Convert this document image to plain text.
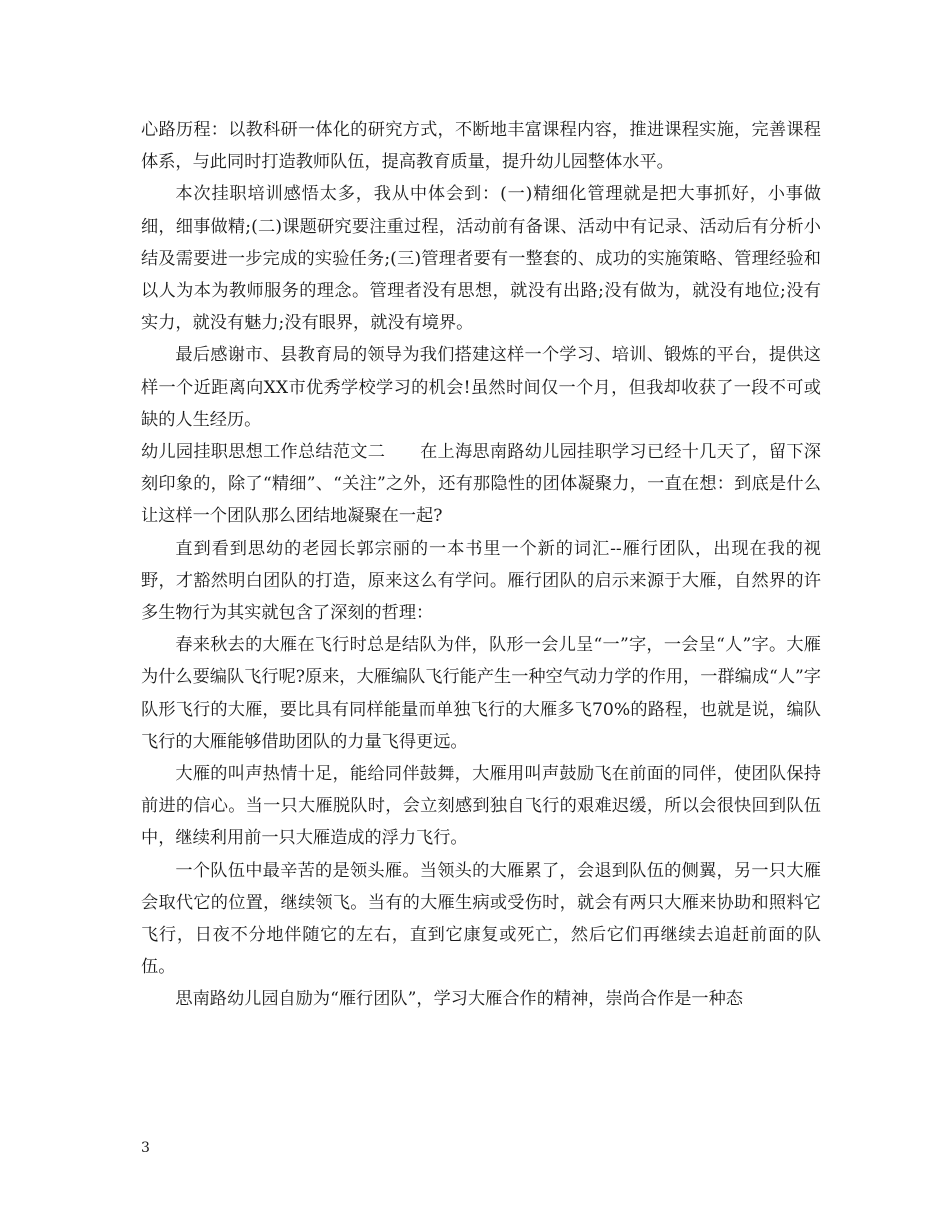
心路历程：以教科研一体化的研究方式，不断地丰富课程内容，推进课程实施，完善课程体系，与此同时打造教师队伍，提高教育质量，提升幼儿园整体水平。

本次挂职培训感悟太多，我从中体会到：(一)精细化管理就是把大事抓好，小事做细，细事做精;(二)课题研究要注重过程，活动前有备课、活动中有记录、活动后有分析小结及需要进一步完成的实验任务;(三)管理者要有一整套的、成功的实施策略、管理经验和以人为本为教师服务的理念。管理者没有思想，就没有出路;没有做为，就没有地位;没有实力，就没有魅力;没有眼界，就没有境界。

最后感谢市、县教育局的领导为我们搭建这样一个学习、培训、锻炼的平台，提供这样一个近距离向XX市优秀学校学习的机会!虽然时间仅一个月，但我却收获了一段不可或缺的人生经历。

幼儿园挂职思想工作总结范文二　　在上海思南路幼儿园挂职学习已经十几天了，留下深刻印象的，除了“精细”、“关注”之外，还有那隐性的团体凝聚力，一直在想：到底是什么让这样一个团队那么团结地凝聚在一起?

直到看到思幼的老园长郭宗丽的一本书里一个新的词汇--雁行团队，出现在我的视野，才豁然明白团队的打造，原来这么有学问。雁行团队的启示来源于大雁，自然界的许多生物行为其实就包含了深刻的哲理：

春来秋去的大雁在飞行时总是结队为伴，队形一会儿呈“一”字，一会呈“人”字。大雁为什么要编队飞行呢?原来，大雁编队飞行能产生一种空气动力学的作用，一群编成“人”字队形飞行的大雁，要比具有同样能量而单独飞行的大雁多飞70%的路程，也就是说，编队飞行的大雁能够借助团队的力量飞得更远。

大雁的叫声热情十足，能给同伴鼓舞，大雁用叫声鼓励飞在前面的同伴，使团队保持前进的信心。当一只大雁脱队时，会立刻感到独自飞行的艰难迟缓，所以会很快回到队伍中，继续利用前一只大雁造成的浮力飞行。

一个队伍中最辛苦的是领头雁。当领头的大雁累了，会退到队伍的侧翼，另一只大雁会取代它的位置，继续领飞。当有的大雁生病或受伤时，就会有两只大雁来协助和照料它飞行，日夜不分地伴随它的左右，直到它康复或死亡，然后它们再继续去追赶前面的队伍。

思南路幼儿园自励为“雁行团队”，学习大雁合作的精神，崇尚合作是一种态

3
